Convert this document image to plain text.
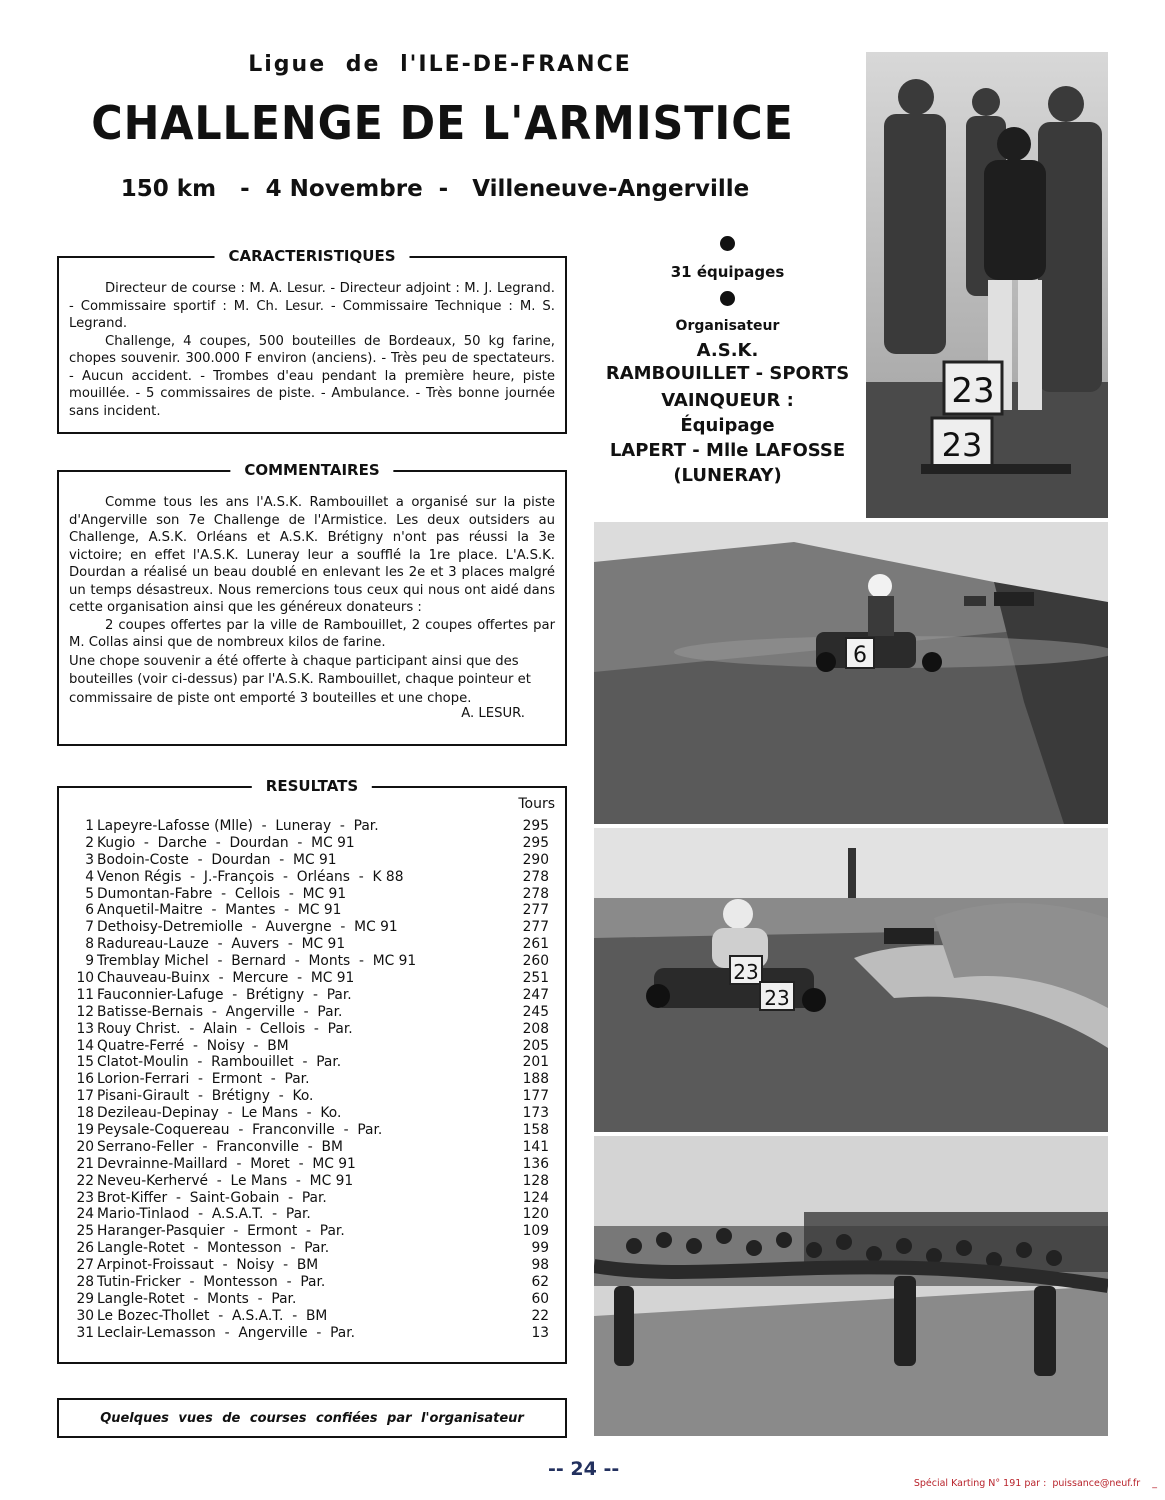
Ligue de l'ILE-DE-FRANCE
CHALLENGE DE L'ARMISTICE
150 km   -  4 Novembre  -   Villeneuve-Angerville
CARACTERISTIQUES

Directeur de course : M. A. Lesur. - Directeur adjoint : M. J. Legrand. - Commissaire sportif : M. Ch. Lesur. - Commissaire Technique : M. S. Legrand.

Challenge, 4 coupes, 500 bouteilles de Bordeaux, 50 kg farine, chopes souvenir. 300.000 F environ (anciens). - Très peu de spectateurs. - Aucun accident. - Trombes d'eau pendant la première heure, piste mouillée. - 5 commissaires de piste. - Ambulance. - Très bonne journée sans incident.

COMMENTAIRES

Comme tous les ans l'A.S.K. Rambouillet a organisé sur la piste d'Angerville son 7e Challenge de l'Armistice. Les deux outsiders au Challenge, A.S.K. Orléans et A.S.K. Brétigny n'ont pas réussi la 3e victoire; en effet l'A.S.K. Luneray leur a soufflé la 1re place. L'A.S.K. Dourdan a réalisé un beau doublé en enlevant les 2e et 3 places malgré un temps désastreux. Nous remercions tous ceux qui nous ont aidé dans cette organisation ainsi que les généreux donateurs :

2 coupes offertes par la ville de Rambouillet, 2 coupes offertes par M. Collas ainsi que de nombreux kilos de farine.

Une chope souvenir a été offerte à chaque participant ainsi que des bouteilles (voir ci-dessus) par l'A.S.K. Rambouillet, chaque pointeur et commissaire de piste ont emporté 3 bouteilles et une chope.

A. LESUR.
RESULTATS
Tours
1 Lapeyre-Lafosse (Mlle)  -  Luneray  -  Par.	295
2 Kugio  -  Darche  -  Dourdan  -  MC 91	295
3 Bodoin-Coste  -  Dourdan  -  MC 91	290
4 Venon Régis  -  J.-François  -  Orléans  -  K 88	278
5 Dumontan-Fabre  -  Cellois  -  MC 91	278
6 Anquetil-Maitre  -  Mantes  -  MC 91	277
7 Dethoisy-Detremiolle  -  Auvergne  -  MC 91	277
8 Radureau-Lauze  -  Auvers  -  MC 91	261
9 Tremblay Michel  -  Bernard  -  Monts  -  MC 91	260
10 Chauveau-Buinx  -  Mercure  -  MC 91	251
11 Fauconnier-Lafuge  -  Brétigny  -  Par.	247
12 Batisse-Bernais  -  Angerville  -  Par.	245
13 Rouy Christ.  -  Alain  -  Cellois  -  Par.	208
14 Quatre-Ferré  -  Noisy  -  BM	205
15 Clatot-Moulin  -  Rambouillet  -  Par.	201
16 Lorion-Ferrari  -  Ermont  -  Par.	188
17 Pisani-Girault  -  Brétigny  -  Ko.	177
18 Dezileau-Depinay  -  Le Mans  -  Ko.	173
19 Peysale-Coquereau  -  Franconville  -  Par.	158
20 Serrano-Feller  -  Franconville  -  BM	141
21 Devrainne-Maillard  -  Moret  -  MC 91	136
22 Neveu-Kerhervé  -  Le Mans  -  MC 91	128
23 Brot-Kiffer  -  Saint-Gobain  -  Par.	124
24 Mario-Tinlaod  -  A.S.A.T.  -  Par.	120
25 Haranger-Pasquier  -  Ermont  -  Par.	109
26 Langle-Rotet  -  Montesson  -  Par.	99
27 Arpinot-Froissaut  -  Noisy  -  BM	98
28 Tutin-Fricker  -  Montesson  -  Par.	62
29 Langle-Rotet  -  Monts  -  Par.	60
30 Le Bozec-Thollet  -  A.S.A.T.  -  BM	22
31 Leclair-Lemasson  -  Angerville  -  Par.	13
Quelques vues de courses confiées par l'organisateur
31 équipages
Organisateur
A.S.K.
RAMBOUILLET - SPORTS
VAINQUEUR :
Équipage
LAPERT - Mlle LAFOSSE
(LUNERAY)
23
23
6
23
23
-- 24 --
Spécial Karting N° 191 par :  puissance@neuf.fr    _
